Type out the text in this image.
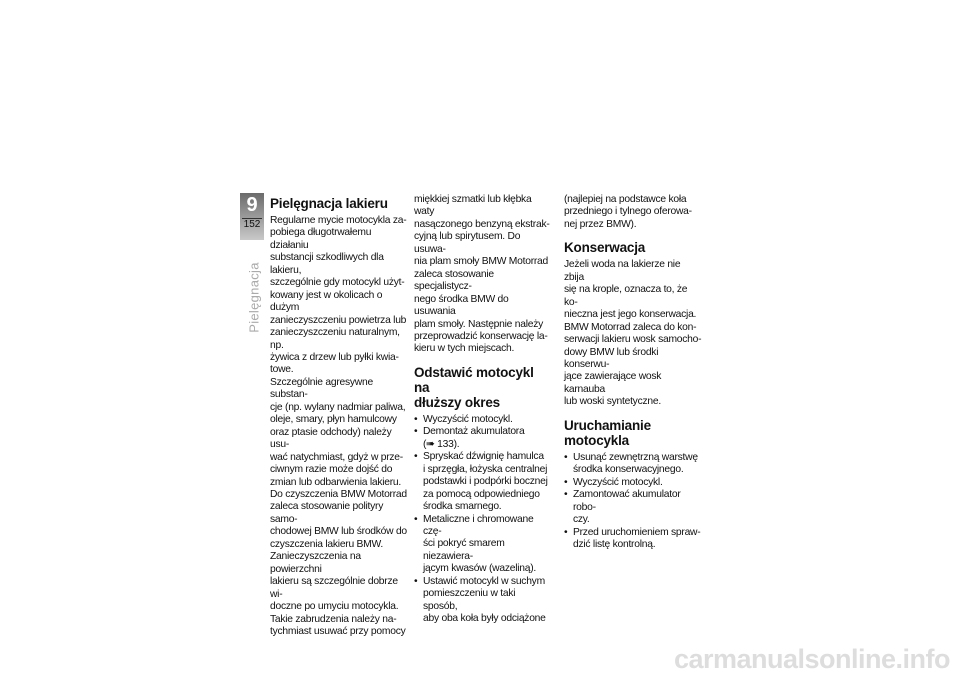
9
152
Pielęgnacja
Pielęgnacja lakieru
Regularne mycie motocykla za-
pobiega długotrwałemu działaniu
substancji szkodliwych dla lakieru,
szczególnie gdy motocykl użyt-
kowany jest w okolicach o dużym
zanieczyszczeniu powietrza lub
zanieczyszczeniu naturalnym, np.
żywica z drzew lub pyłki kwia-
towe.
Szczególnie agresywne substan-
cje (np. wylany nadmiar paliwa,
oleje, smary, płyn hamulcowy
oraz ptasie odchody) należy usu-
wać natychmiast, gdyż w prze-
ciwnym razie może dojść do
zmian lub odbarwienia lakieru.
Do czyszczenia BMW Motorrad
zaleca stosowanie polityry samo-
chodowej BMW lub środków do
czyszczenia lakieru BMW.
Zanieczyszczenia na powierzchni
lakieru są szczególnie dobrze wi-
doczne po umyciu motocykla.
Takie zabrudzenia należy na-
tychmiast usuwać przy pomocy
miękkiej szmatki lub kłębka waty
nasączonego benzyną ekstrak-
cyjną lub spirytusem. Do usuwa-
nia plam smoły BMW Motorrad
zaleca stosowanie specjalistycz-
nego środka BMW do usuwania
plam smoły. Następnie należy
przeprowadzić konserwację la-
kieru w tych miejscach.
Odstawić motocykl na
dłuższy okres
• Wyczyścić motocykl.
• Demontaż akumulatora
(➠ 133).
• Spryskać dźwignię hamulca
i sprzęgła, łożyska centralnej
podstawki i podpórki bocznej
za pomocą odpowiedniego
środka smarnego.
• Metaliczne i chromowane czę-
ści pokryć smarem niezawiera-
jącym kwasów (wazeliną).
• Ustawić motocykl w suchym
pomieszczeniu w taki sposób,
aby oba koła były odciążone
(najlepiej na podstawce koła
przedniego i tylnego oferowa-
nej przez BMW).
Konserwacja
Jeżeli woda na lakierze nie zbija
się na krople, oznacza to, że ko-
nieczna jest jego konserwacja.
BMW Motorrad zaleca do kon-
serwacji lakieru wosk samocho-
dowy BMW lub środki konserwu-
jące zawierające wosk karnauba
lub woski syntetyczne.
Uruchamianie
motocykla
• Usunąć zewnętrzną warstwę
środka konserwacyjnego.
• Wyczyścić motocykl.
• Zamontować akumulator robo-
czy.
• Przed uruchomieniem spraw-
dzić listę kontrolną.
carmanualsonline.info
